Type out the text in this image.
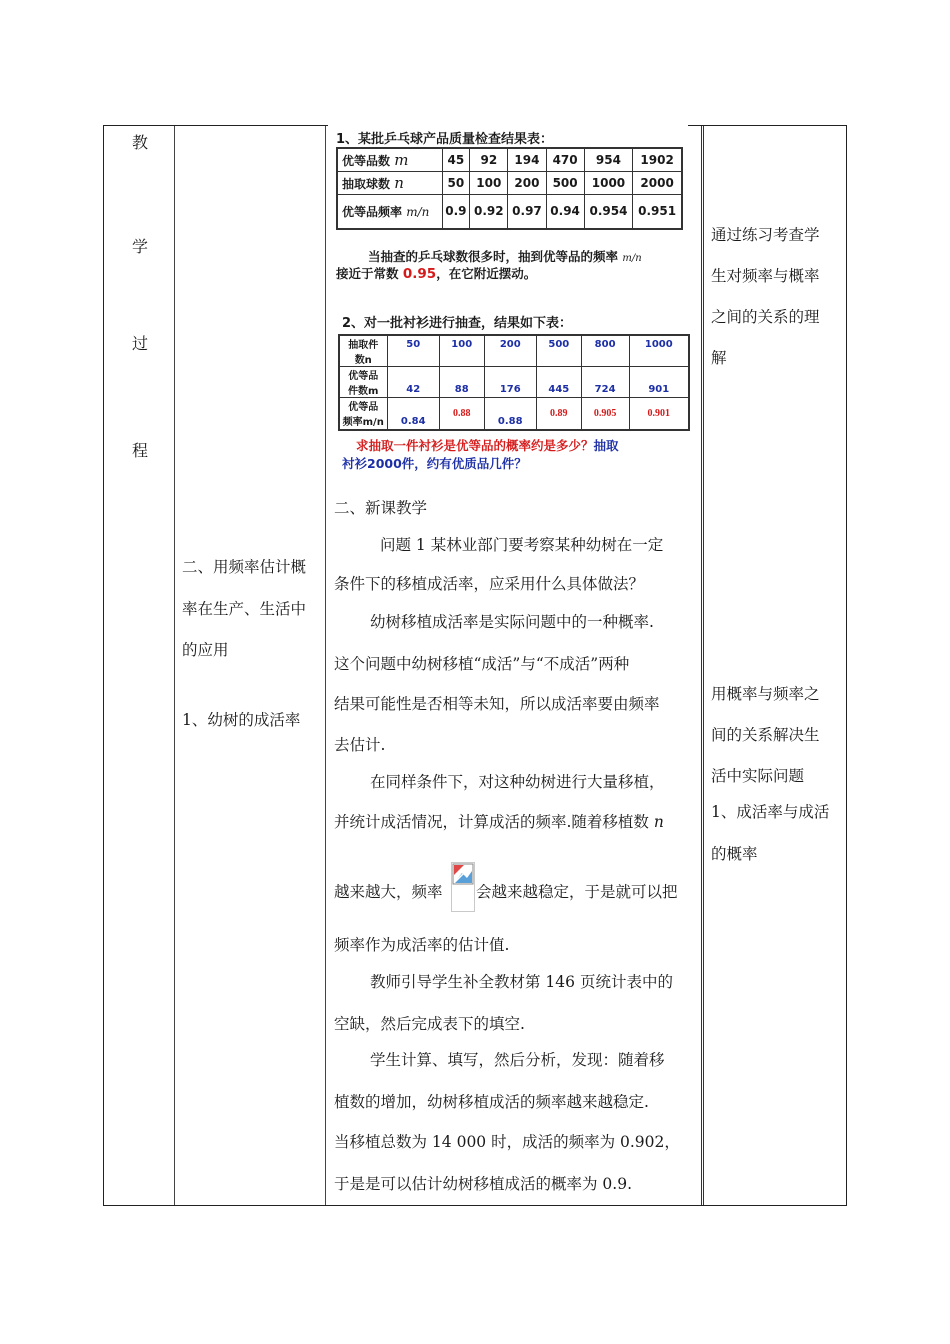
教
学
过
程
二、用频率估计概
率在生产、生活中
的应用
1、幼树的成活率
1、某批乒乓球产品质量检查结果表：
优等品数 m	45	92	194	470	954	1902
抽取球数 n	50	100	200	500	1000	2000
优等品频率 m/n	0.9	0.92	0.97	0.94	0.954	0.951
当抽查的乒乓球数很多时，抽到优等品的频率 m/n
接近于常数 0.95，在它附近摆动。
2、对一批衬衫进行抽查，结果如下表：
抽取件
数n	50	100	200	500	800	1000
优等品
件数m	42	88	176	445	724	901
优等品
频率m/n	0.84	0.88	0.88	0.89	0.905	0.901
求抽取一件衬衫是优等品的概率约是多少？抽取
衬衫2000件，约有优质品几件？
二、新课教学
问题 1 某林业部门要考察某种幼树在一定
条件下的移植成活率，应采用什么具体做法？
幼树移植成活率是实际问题中的一种概率.
这个问题中幼树移植“成活”与“不成活”两种
结果可能性是否相等未知，所以成活率要由频率
去估计.
在同样条件下，对这种幼树进行大量移植，
并统计成活情况，计算成活的频率.随着移植数 n
越来越大，频率 会越来越稳定，于是就可以把
频率作为成活率的估计值.
教师引导学生补全教材第 146 页统计表中的
空缺，然后完成表下的填空.
学生计算、填写，然后分析，发现：随着移
植数的增加，幼树移植成活的频率越来越稳定.
当移植总数为 14 000 时，成活的频率为 0.902，
于是是可以估计幼树移植成活的概率为 0.9.
通过练习考查学
生对频率与概率
之间的关系的理
解
用概率与频率之
间的关系解决生
活中实际问题
1、成活率与成活
的概率
